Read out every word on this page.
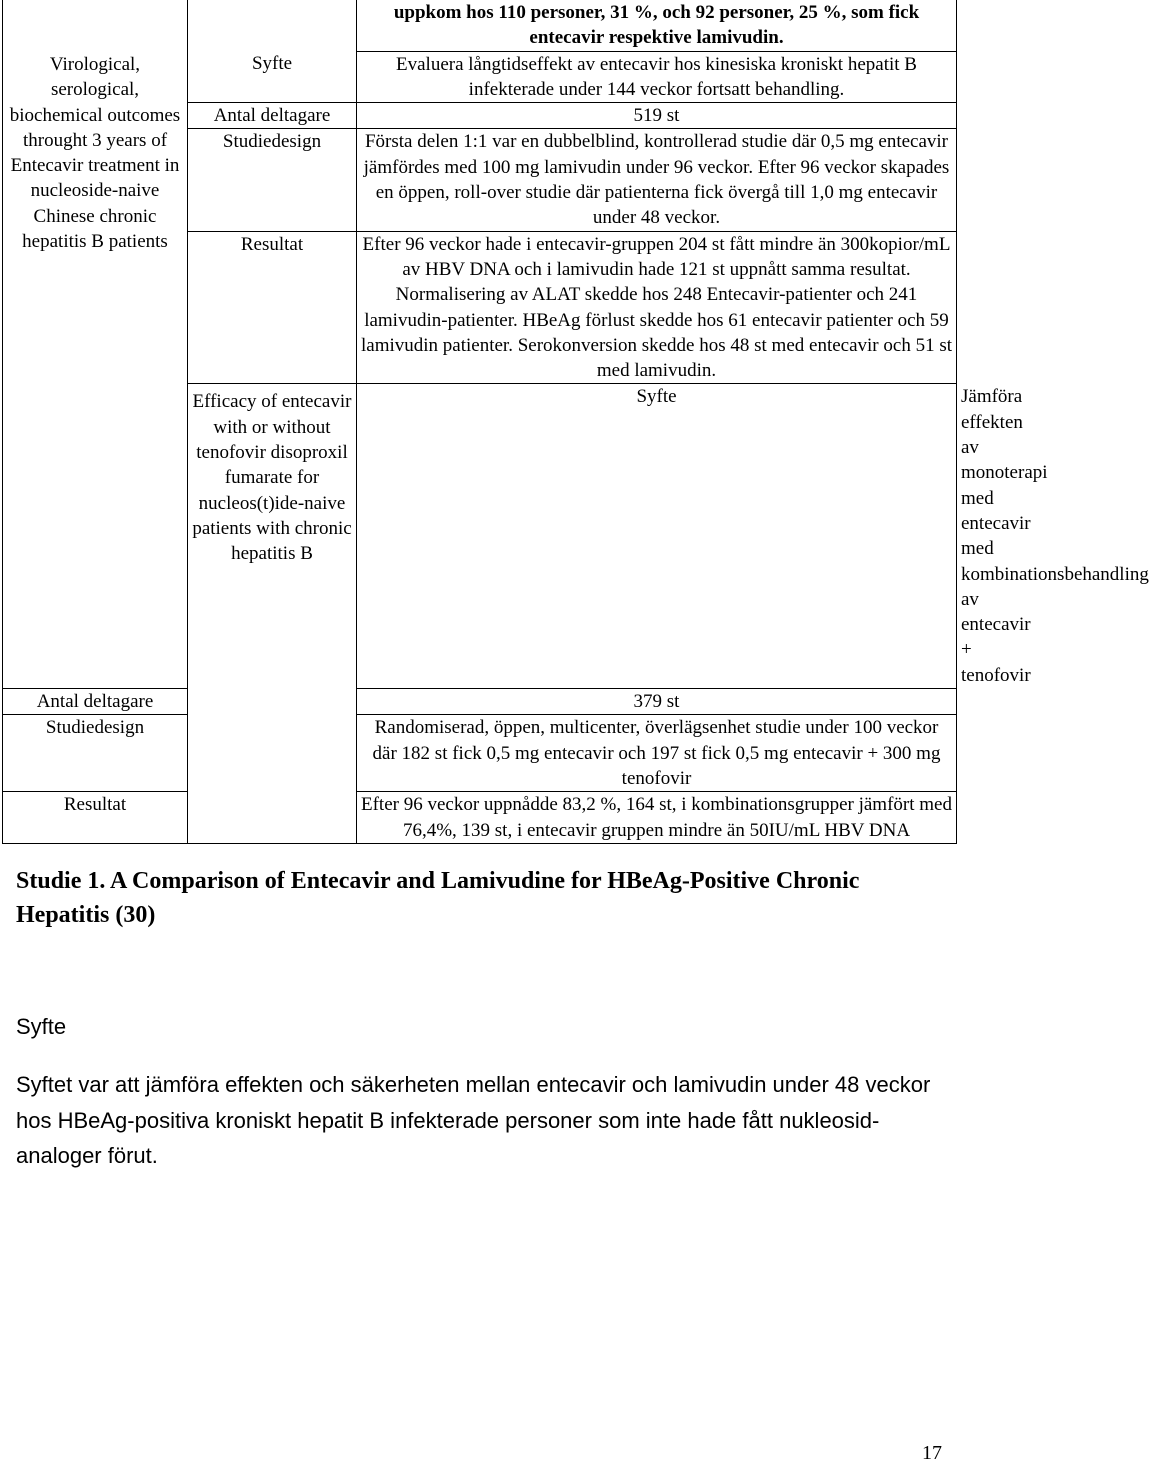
Virological, serological, biochemical outcomes throught 3 years of Entecavir treatment in nucleoside-naive Chinese chronic hepatitis B patients		uppkom hos 110 personer, 31 %, och 92 personer, 25 %, som fick entecavir respektive lamivudin.	
	Syfte	Evaluera långtidseffekt av entecavir hos kinesiska kroniskt hepatit B infekterade under 144 veckor fortsatt behandling.	
	Antal deltagare	519 st	
	Studiedesign	Första delen 1:1 var en dubbelblind, kontrollerad studie där 0,5 mg entecavir jämfördes med 100 mg lamivudin under 96 veckor. Efter 96 veckor skapades en öppen, roll-over studie där patienterna fick övergå till 1,0 mg entecavir under 48 veckor.	
	Resultat	Efter 96 veckor hade i entecavir-gruppen 204 st fått mindre än 300kopior/mL av HBV DNA och i lamivudin hade 121 st uppnått samma resultat. Normalisering av ALAT skedde hos 248 Entecavir-patienter och 241 lamivudin-patienter. HBeAg förlust skedde hos 61 entecavir patienter och 59 lamivudin patienter. Serokonversion skedde hos 48 st med entecavir och 51 st med lamivudin.	
	Efficacy of entecavir with or without tenofovir disoproxil fumarate for nucleos(t)ide-naive patients with chronic hepatitis B	Syfte	Jämföra effekten av monoterapi med entecavir med kombinationsbehandling av entecavir + tenofovir
Antal deltagare		379 st	
Studiedesign		Randomiserad, öppen, multicenter, överlägsenhet studie under 100 veckor där 182 st fick 0,5 mg entecavir och 197 st fick 0,5 mg entecavir + 300 mg tenofovir	
Resultat		Efter 96 veckor uppnådde 83,2 %, 164 st, i kombinationsgrupper jämfört med 76,4%, 139 st, i entecavir gruppen mindre än 50IU/mL HBV DNA	
Studie 1. A Comparison of Entecavir and Lamivudine for HBeAg-Positive Chronic Hepatitis (30)
Syfte

Syftet var att jämföra effekten och säkerheten mellan entecavir och lamivudin under 48 veckor hos HBeAg-positiva kroniskt hepatit B infekterade personer som inte hade fått nukleosid-analoger förut.

17
